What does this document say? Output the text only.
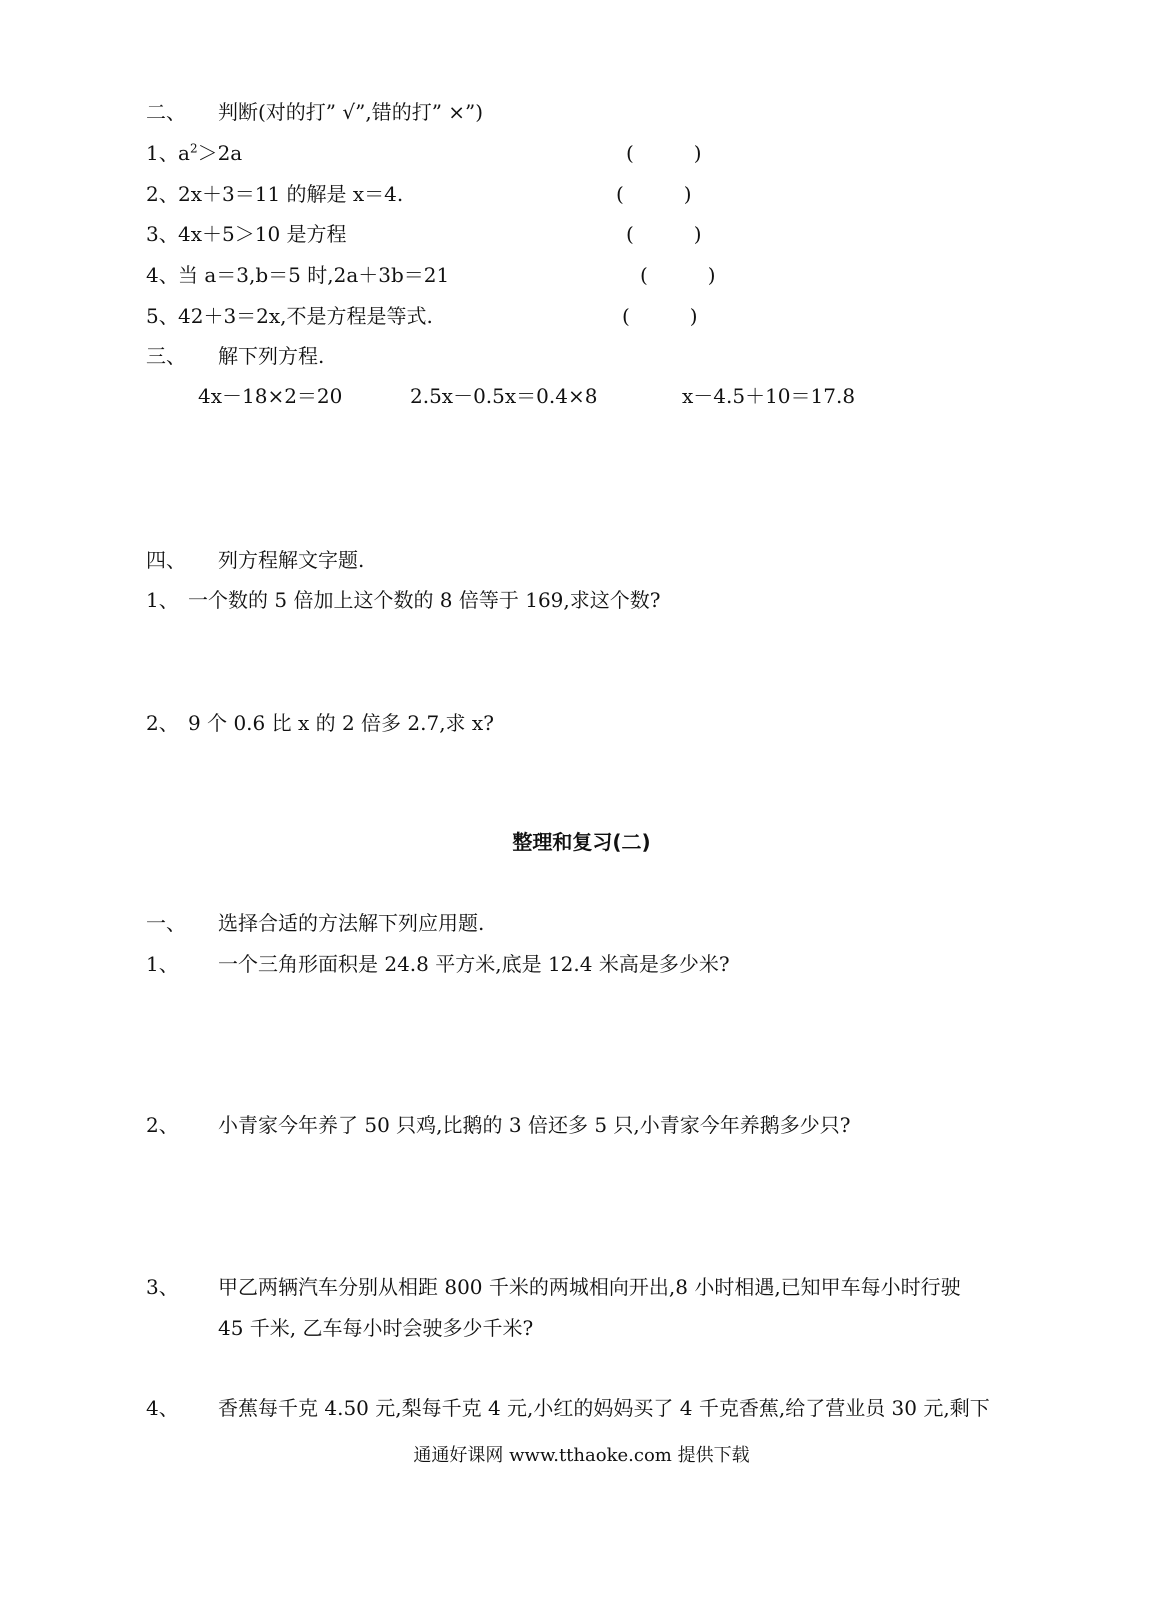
二、 判断(对的打” √”,错的打” ×”)
1、 $a^2>2a$	(　　　)
2、 2x＋3＝11 的解是 x＝4.	(　　　)
3、 4x＋5＞10 是方程	(　　　)
4、 当 a＝3,b＝5 时,2a＋3b＝21	(　　　)
5、 42＋3＝2x,不是方程是等式.	(　　　)
三、 解下列方程.
4x－18×2＝20	2.5x－0.5x＝0.4×8	x－4.5＋10＝17.8
四、 列方程解文字题.
1、 一个数的 5 倍加上这个数的 8 倍等于 169,求这个数?
2、 9 个 0.6 比 x 的 2 倍多 2.7,求 x?
整理和复习(二)
一、 选择合适的方法解下列应用题.
1、 一个三角形面积是 24.8 平方米,底是 12.4 米高是多少米?
2、 小青家今年养了 50 只鸡,比鹅的 3 倍还多 5 只,小青家今年养鹅多少只?
3、 甲乙两辆汽车分别从相距 800 千米的两城相向开出,8 小时相遇,已知甲车每小时行驶
45 千米, 乙车每小时会驶多少千米?
4、 香蕉每千克 4.50 元,梨每千克 4 元,小红的妈妈买了 4 千克香蕉,给了营业员 30 元,剩下
通通好课网 www.tthaoke.com 提供下载
